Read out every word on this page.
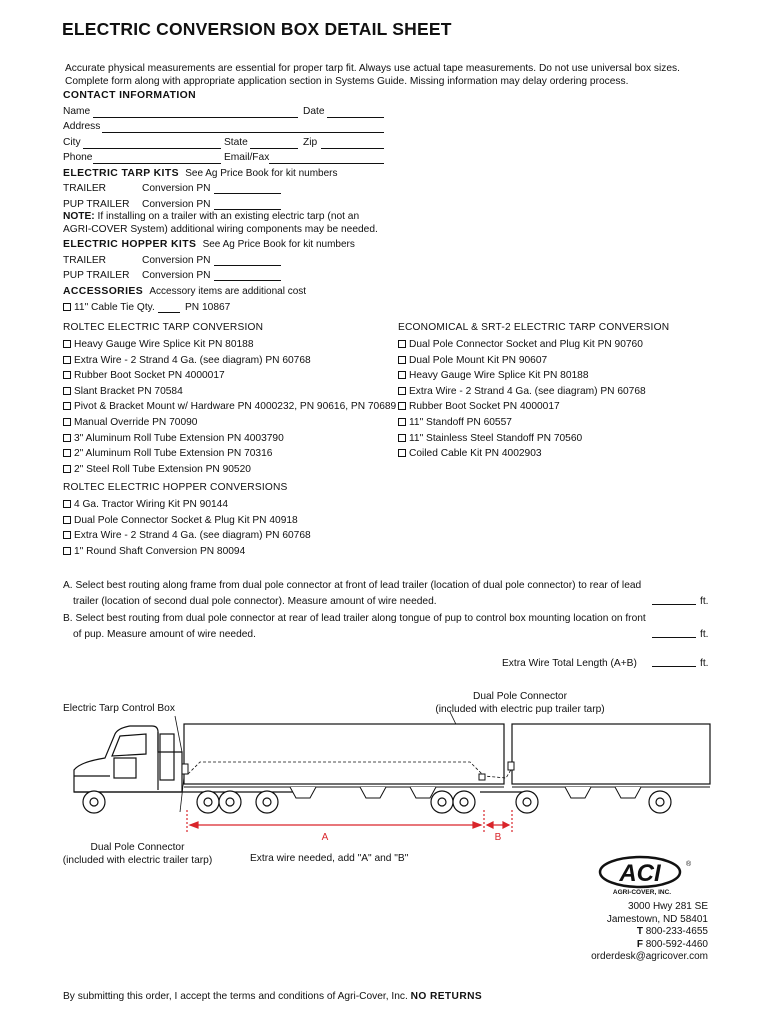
ELECTRIC CONVERSION BOX DETAIL SHEET
Accurate physical measurements are essential for proper tarp fit. Always use actual tape measurements. Do not use universal box sizes.
Complete form along with appropriate application section in Systems Guide. Missing information may delay ordering process.
CONTACT INFORMATION
Name	Date
Address
City	State	Zip
Phone	Email/Fax
ELECTRIC TARP KITS See Ag Price Book for kit numbers
TRAILER	Conversion PN
PUP TRAILER Conversion PN
NOTE: If installing on a trailer with an existing electric tarp (not an
AGRI-COVER System) additional wiring components may be needed.
ELECTRIC HOPPER KITS See Ag Price Book for kit numbers
TRAILER	Conversion PN
PUP TRAILER Conversion PN
ACCESSORIES Accessory items are additional cost
11" Cable Tie Qty.	PN 10867
ROLTEC ELECTRIC TARP CONVERSION
Heavy Gauge Wire Splice Kit PN 80188
Extra Wire - 2 Strand 4 Ga. (see diagram) PN 60768
Rubber Boot Socket PN 4000017
Slant Bracket PN 70584
Pivot & Bracket Mount w/ Hardware PN 4000232, PN 90616, PN 70689
Manual Override PN 70090
3" Aluminum Roll Tube Extension PN 4003790
2" Aluminum Roll Tube Extension PN 70316
2" Steel Roll Tube Extension PN 90520
ECONOMICAL & SRT-2 ELECTRIC TARP CONVERSION
Dual Pole Connector Socket and Plug Kit PN 90760
Dual Pole Mount Kit PN 90607
Heavy Gauge Wire Splice Kit PN 80188
Extra Wire - 2 Strand 4 Ga. (see diagram) PN 60768
Rubber Boot Socket PN 4000017
11" Standoff PN 60557
11" Stainless Steel Standoff PN 70560
Coiled Cable Kit PN 4002903
ROLTEC ELECTRIC HOPPER CONVERSIONS
4 Ga. Tractor Wiring Kit PN 90144
Dual Pole Connector Socket & Plug Kit PN 40918
Extra Wire - 2 Strand 4 Ga. (see diagram) PN 60768
1" Round Shaft Conversion PN 80094
A. Select best routing along frame from dual pole connector at front of lead trailer (location of dual pole connector) to rear of lead
trailer (location of second dual pole connector). Measure amount of wire needed.	ft.
B. Select best routing from dual pole connector at rear of lead trailer along tongue of pup to control box mounting location on front
of pup. Measure amount of wire needed.	ft.
Extra Wire Total Length (A+B)	ft.
Electric Tarp Control Box
Dual Pole Connector
(included with electric pup trailer tarp)
Dual Pole Connector
(included with electric trailer tarp)	Extra wire needed, add "A" and "B"
A	B
ACI	®
AGRI-COVER, INC.
3000 Hwy 281 SE
Jamestown, ND 58401
T 800-233-4655
F 800-592-4460
orderdesk@agricover.com
By submitting this order, I accept the terms and conditions of Agri-Cover, Inc. NO RETURNS
